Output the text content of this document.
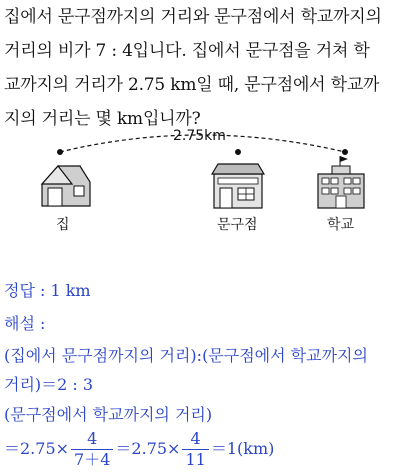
집에서 문구점까지의 거리와 문구점에서 학교까지의
거리의 비가 7 : 4입니다. 집에서 문구점을 거쳐 학
교까지의 거리가 2.75 km일 때, 문구점에서 학교까
지의 거리는 몇 km입니까?
2.75km
집	문구점	학교
정답 : 1 km
해설 :
(집에서 문구점까지의 거리):(문구점에서 학교까지의
거리)＝2 : 3
(문구점에서 학교까지의 거리)
$=2.75\times \frac{4}{7+4} =2.75\times \frac{4}{11} =1(km)$
